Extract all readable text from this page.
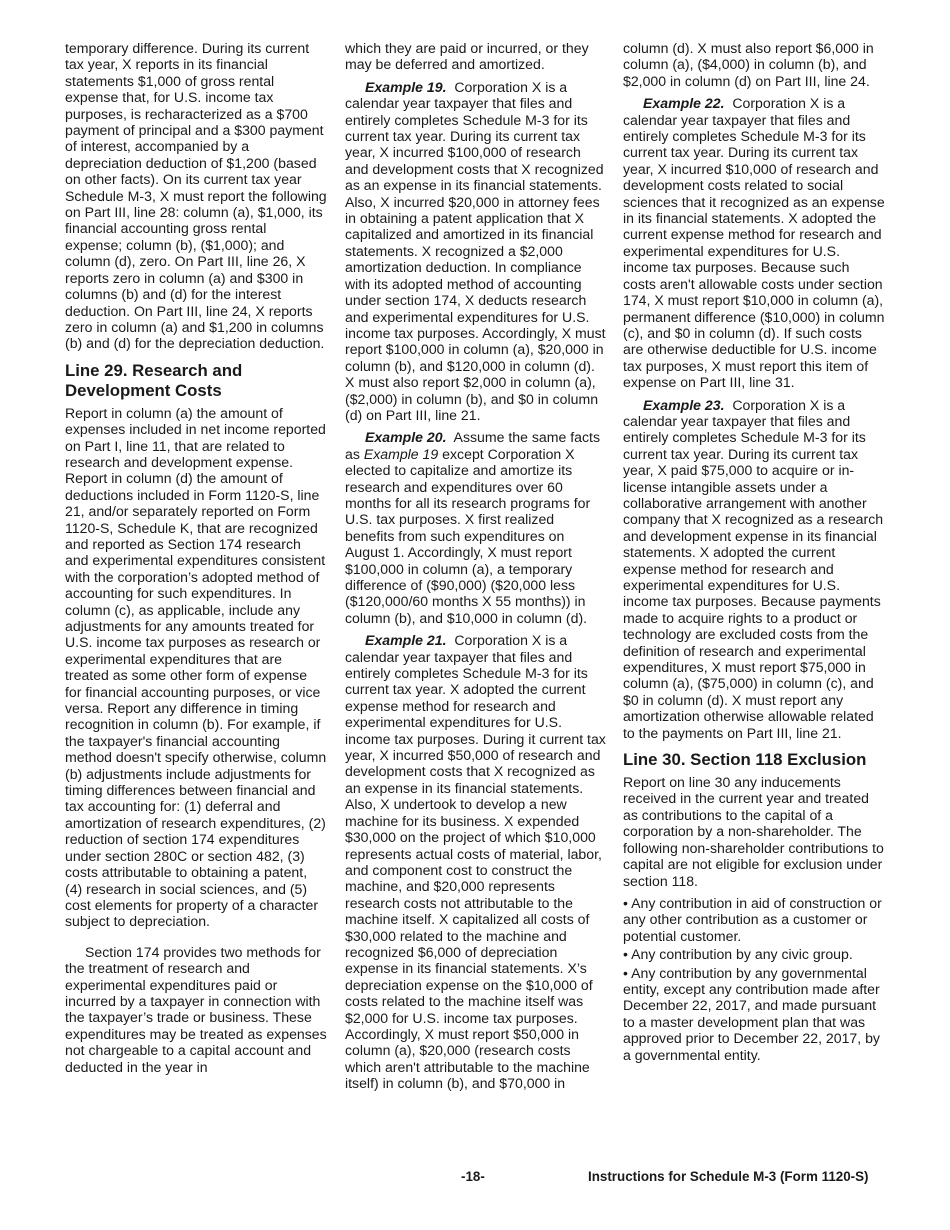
temporary difference. During its current tax year, X reports in its financial statements $1,000 of gross rental expense that, for U.S. income tax purposes, is recharacterized as a $700 payment of principal and a $300 payment of interest, accompanied by a depreciation deduction of $1,200 (based on other facts). On its current tax year Schedule M-3, X must report the following on Part III, line 28: column (a), $1,000, its financial accounting gross rental expense; column (b), ($1,000); and column (d), zero. On Part III, line 26, X reports zero in column (a) and $300 in columns (b) and (d) for the interest deduction. On Part III, line 24, X reports zero in column (a) and $1,200 in columns (b) and (d) for the depreciation deduction.

Line 29. Research and Development Costs

Report in column (a) the amount of expenses included in net income reported on Part I, line 11, that are related to research and development expense. Report in column (d) the amount of deductions included in Form 1120-S, line 21, and/or separately reported on Form 1120-S, Schedule K, that are recognized and reported as Section 174 research and experimental expenditures consistent with the corporation’s adopted method of accounting for such expenditures. In column (c), as applicable, include any adjustments for any amounts treated for U.S. income tax purposes as research or experimental expenditures that are treated as some other form of expense for financial accounting purposes, or vice versa. Report any difference in timing recognition in column (b). For example, if the taxpayer's financial accounting method doesn't specify otherwise, column (b) adjustments include adjustments for timing differences between financial and tax accounting for: (1) deferral and amortization of research expenditures, (2) reduction of section 174 expenditures under section 280C or section 482, (3) costs attributable to obtaining a patent, (4) research in social sciences, and (5) cost elements for property of a character subject to depreciation.

Section 174 provides two methods for the treatment of research and experimental expenditures paid or incurred by a taxpayer in connection with the taxpayer’s trade or business. These expenditures may be treated as expenses not chargeable to a capital account and deducted in the year in

which they are paid or incurred, or they may be deferred and amortized.

Example 19. Corporation X is a calendar year taxpayer that files and entirely completes Schedule M-3 for its current tax year. During its current tax year, X incurred $100,000 of research and development costs that X recognized as an expense in its financial statements. Also, X incurred $20,000 in attorney fees in obtaining a patent application that X capitalized and amortized in its financial statements. X recognized a $2,000 amortization deduction. In compliance with its adopted method of accounting under section 174, X deducts research and experimental expenditures for U.S. income tax purposes. Accordingly, X must report $100,000 in column (a), $20,000 in column (b), and $120,000 in column (d). X must also report $2,000 in column (a), ($2,000) in column (b), and $0 in column (d) on Part III, line 21.

Example 20. Assume the same facts as Example 19 except Corporation X elected to capitalize and amortize its research and expenditures over 60 months for all its research programs for U.S. tax purposes. X first realized benefits from such expenditures on August 1. Accordingly, X must report $100,000 in column (a), a temporary difference of ($90,000) ($20,000 less ($120,000/60 months X 55 months)) in column (b), and $10,000 in column (d).

Example 21. Corporation X is a calendar year taxpayer that files and entirely completes Schedule M-3 for its current tax year. X adopted the current expense method for research and experimental expenditures for U.S. income tax purposes. During it current tax year, X incurred $50,000 of research and development costs that X recognized as an expense in its financial statements. Also, X undertook to develop a new machine for its business. X expended $30,000 on the project of which $10,000 represents actual costs of material, labor, and component cost to construct the machine, and $20,000 represents research costs not attributable to the machine itself. X capitalized all costs of $30,000 related to the machine and recognized $6,000 of depreciation expense in its financial statements. X’s depreciation expense on the $10,000 of costs related to the machine itself was $2,000 for U.S. income tax purposes. Accordingly, X must report $50,000 in column (a), $20,000 (research costs which aren't attributable to the machine itself) in column (b), and $70,000 in

column (d). X must also report $6,000 in column (a), ($4,000) in column (b), and $2,000 in column (d) on Part III, line 24.

Example 22. Corporation X is a calendar year taxpayer that files and entirely completes Schedule M-3 for its current tax year. During its current tax year, X incurred $10,000 of research and development costs related to social sciences that it recognized as an expense in its financial statements. X adopted the current expense method for research and experimental expenditures for U.S. income tax purposes. Because such costs aren't allowable costs under section 174, X must report $10,000 in column (a), permanent difference ($10,000) in column (c), and $0 in column (d). If such costs are otherwise deductible for U.S. income tax purposes, X must report this item of expense on Part III, line 31.

Example 23. Corporation X is a calendar year taxpayer that files and entirely completes Schedule M-3 for its current tax year. During its current tax year, X paid $75,000 to acquire or in-license intangible assets under a collaborative arrangement with another company that X recognized as a research and development expense in its financial statements. X adopted the current expense method for research and experimental expenditures for U.S. income tax purposes. Because payments made to acquire rights to a product or technology are excluded costs from the definition of research and experimental expenditures, X must report $75,000 in column (a), ($75,000) in column (c), and $0 in column (d). X must report any amortization otherwise allowable related to the payments on Part III, line 21.

Line 30. Section 118 Exclusion

Report on line 30 any inducements received in the current year and treated as contributions to the capital of a corporation by a non-shareholder. The following non-shareholder contributions to capital are not eligible for exclusion under section 118.

• Any contribution in aid of construction or any other contribution as a customer or potential customer.

• Any contribution by any civic group.

• Any contribution by any governmental entity, except any contribution made after December 22, 2017, and made pursuant to a master development plan that was approved prior to December 22, 2017, by a governmental entity.

-18-	Instructions for Schedule M-3 (Form 1120-S)
